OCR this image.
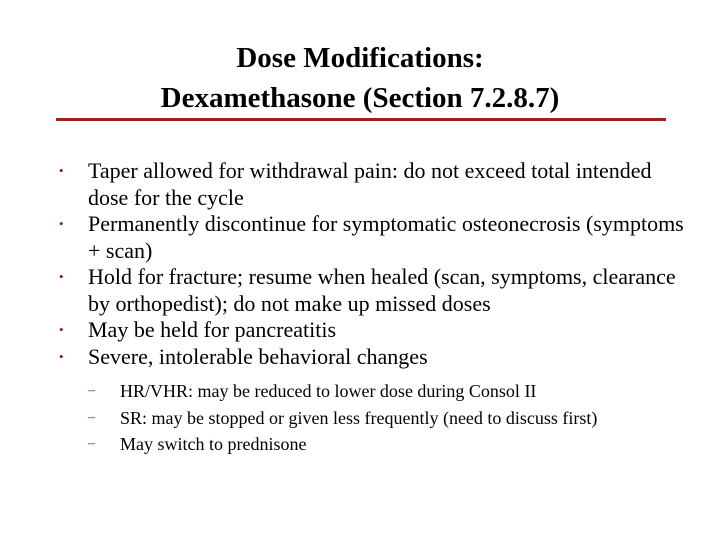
Dose Modifications:
Dexamethasone (Section 7.2.8.7)
• Taper allowed for withdrawal pain: do not exceed total intended dose for the cycle
• Permanently discontinue for symptomatic osteonecrosis (symptoms + scan)
• Hold for fracture; resume when healed (scan, symptoms, clearance by orthopedist); do not make up missed doses
• May be held for pancreatitis
• Severe, intolerable behavioral changes
– HR/VHR: may be reduced to lower dose during Consol II
– SR: may be stopped or given less frequently (need to discuss first)
– May switch to prednisone
